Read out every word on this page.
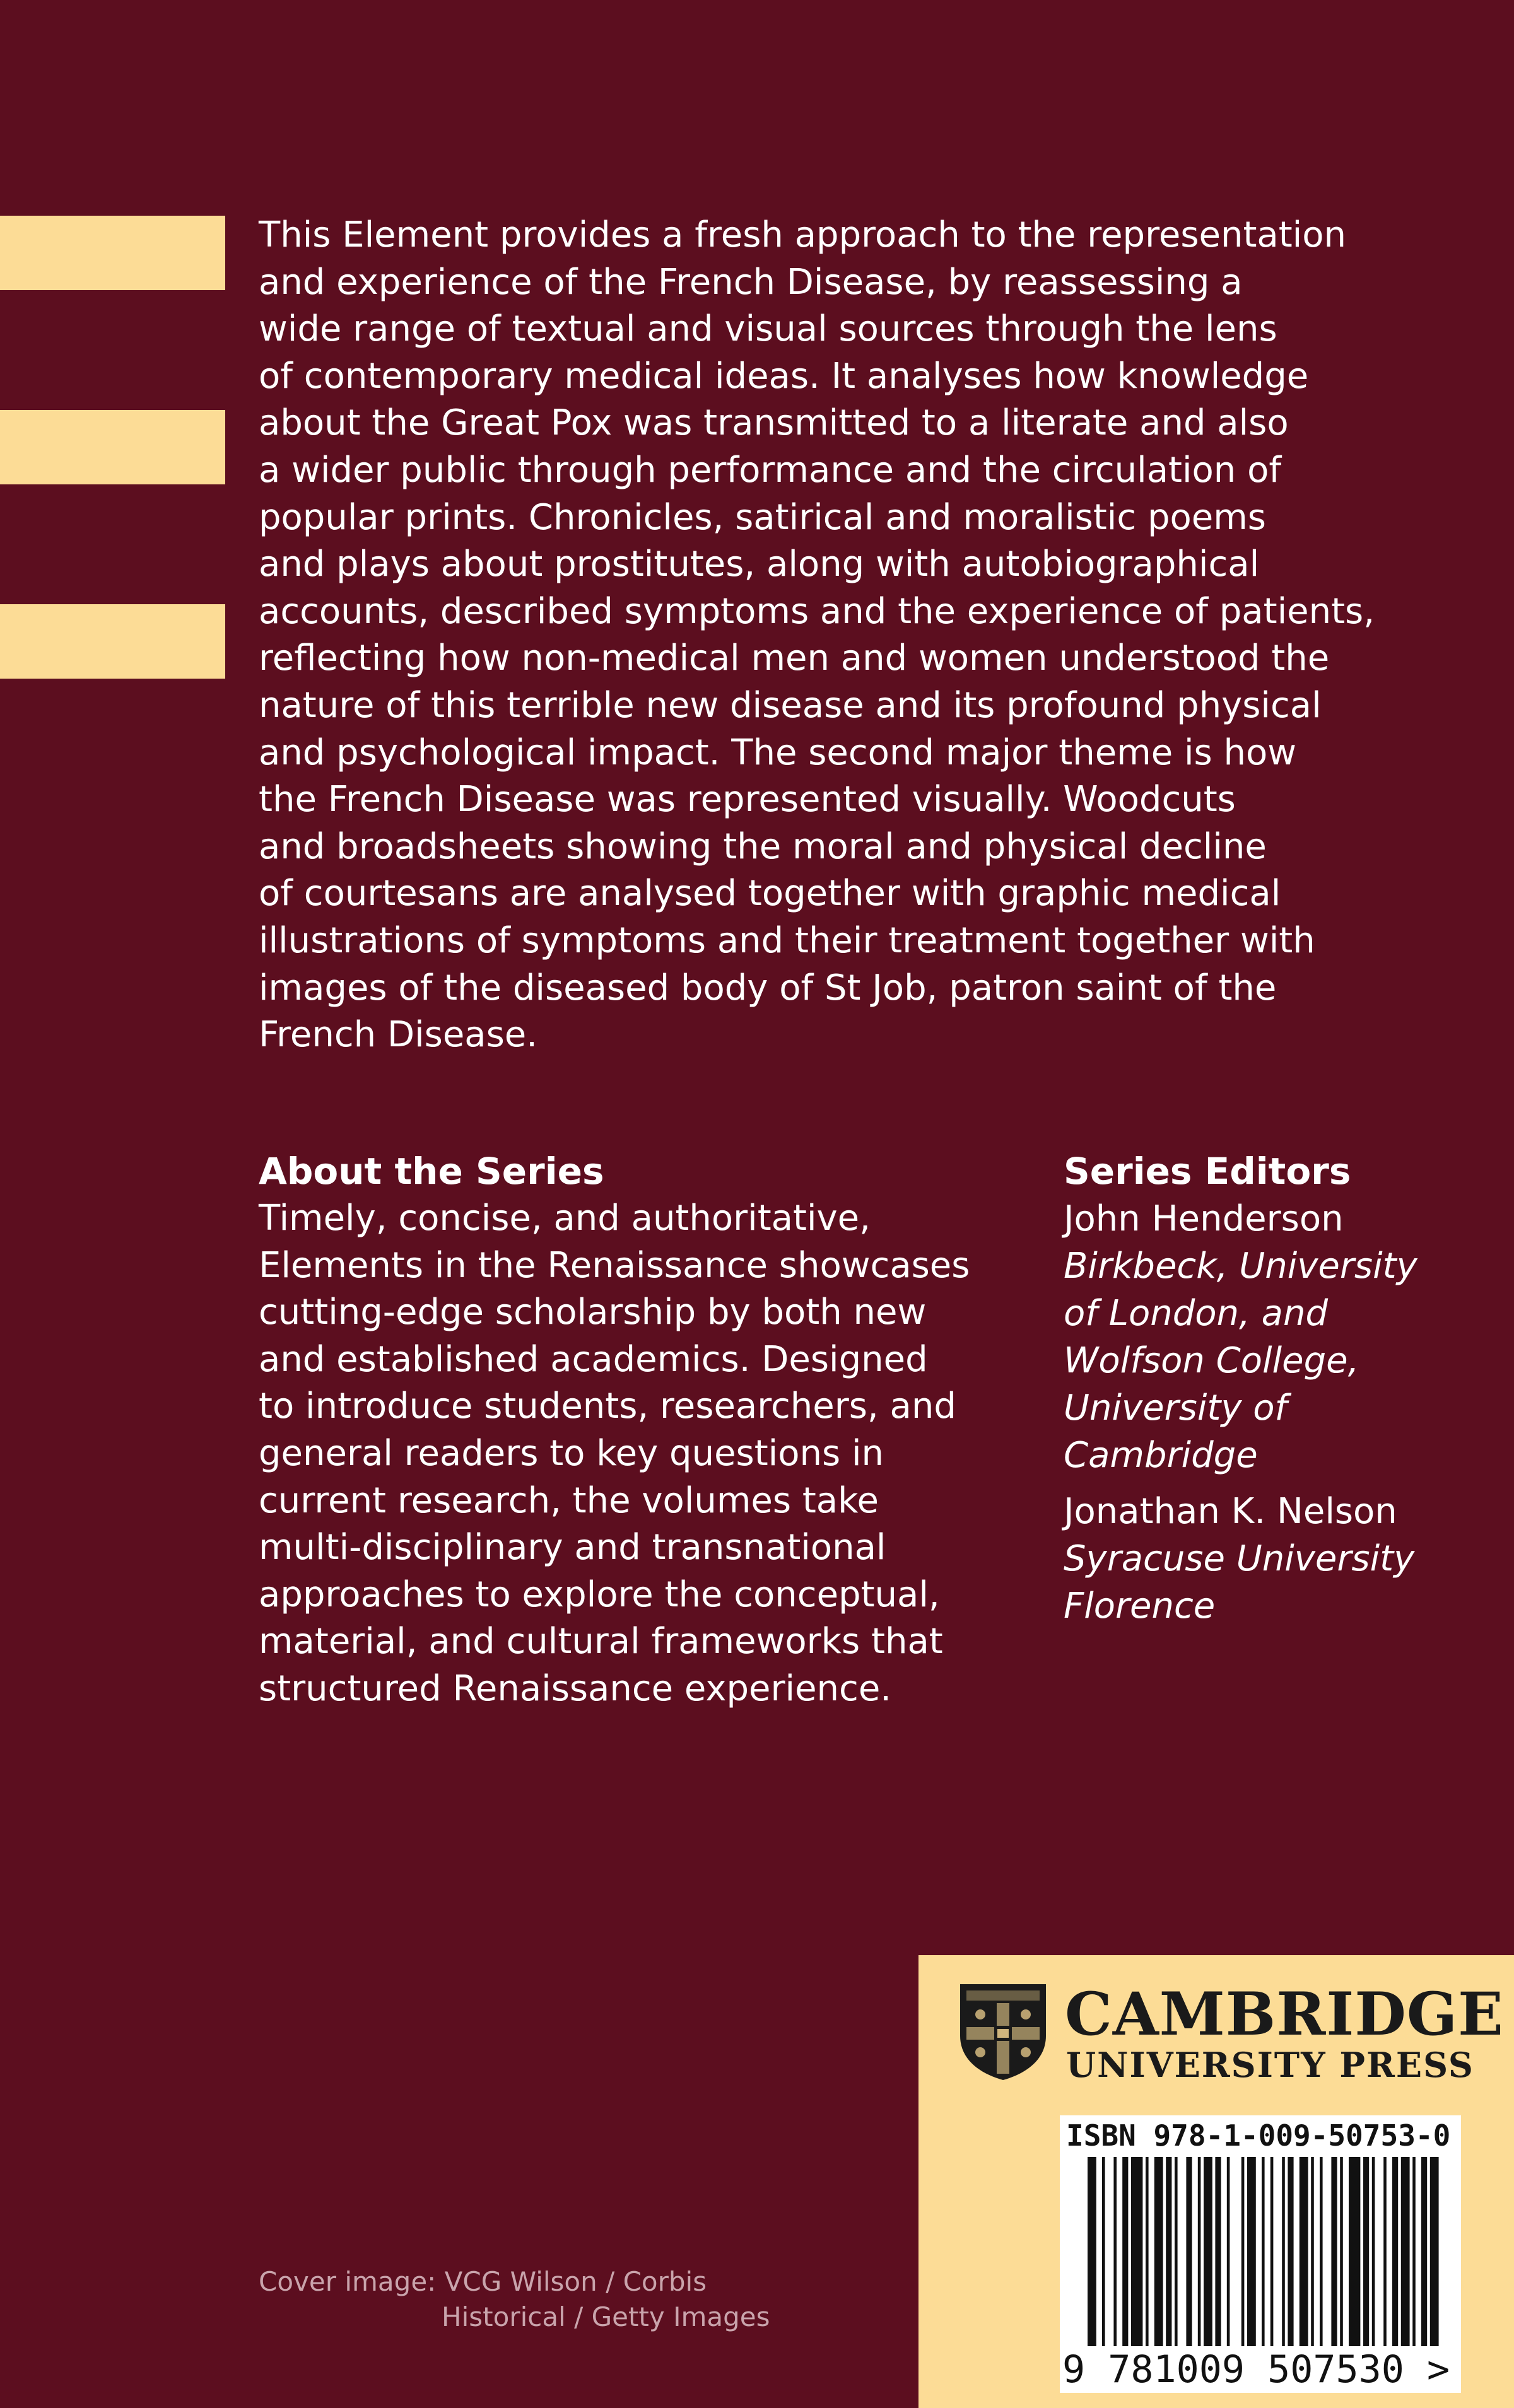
This Element provides a fresh approach to the representation
and experience of the French Disease, by reassessing a
wide range of textual and visual sources through the lens
of contemporary medical ideas. It analyses how knowledge
about the Great Pox was transmitted to a literate and also
a wider public through performance and the circulation of
popular prints. Chronicles, satirical and moralistic poems
and plays about prostitutes, along with autobiographical
accounts, described symptoms and the experience of patients,
reflecting how non-medical men and women understood the
nature of this terrible new disease and its profound physical
and psychological impact. The second major theme is how
the French Disease was represented visually. Woodcuts
and broadsheets showing the moral and physical decline
of courtesans are analysed together with graphic medical
illustrations of symptoms and their treatment together with
images of the diseased body of St Job, patron saint of the
French Disease.

About the Series

Timely, concise, and authoritative,
Elements in the Renaissance showcases
cutting-edge scholarship by both new
and established academics. Designed
to introduce students, researchers, and
general readers to key questions in
current research, the volumes take
multi-disciplinary and transnational
approaches to explore the conceptual,
material, and cultural frameworks that
structured Renaissance experience.

Series Editors

John Henderson

Birkbeck, University
of London, and
Wolfson College,
University of
Cambridge

Jonathan K. Nelson

Syracuse University
Florence

Cover image: VCG Wilson / Corbis
Historical / Getty Images

CAMBRIDGE

UNIVERSITY PRESS

ISBN 978-1-009-50753-0

9 781009 507530 >
